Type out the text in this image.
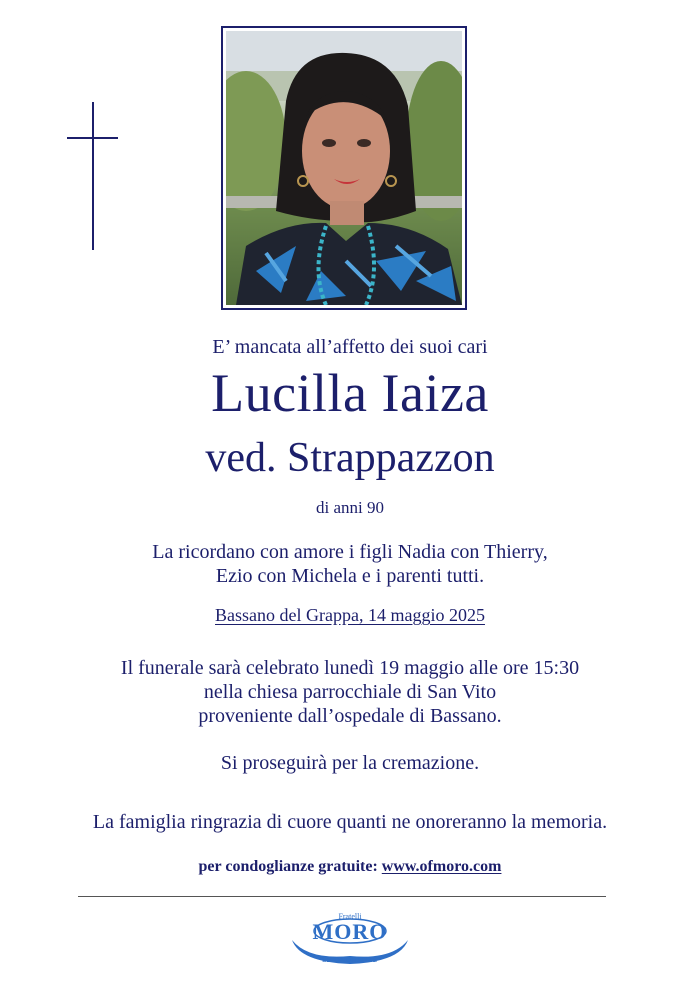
E’ mancata all’affetto dei suoi cari
Lucilla Iaiza
ved. Strappazzon
di anni 90
La ricordano con amore i figli Nadia con Thierry,
Ezio con Michela e i parenti tutti.
Bassano del Grappa, 14 maggio 2025
Il funerale sarà celebrato lunedì 19 maggio alle ore 15:30
nella chiesa parrocchiale di San Vito
proveniente dall’ospedale di Bassano.
Si proseguirà per la cremazione.
La famiglia ringrazia di cuore quanti ne onoreranno la memoria.
per condoglianze gratuite: www.ofmoro.com
Fratelli
MORO
LE ONORANZE
